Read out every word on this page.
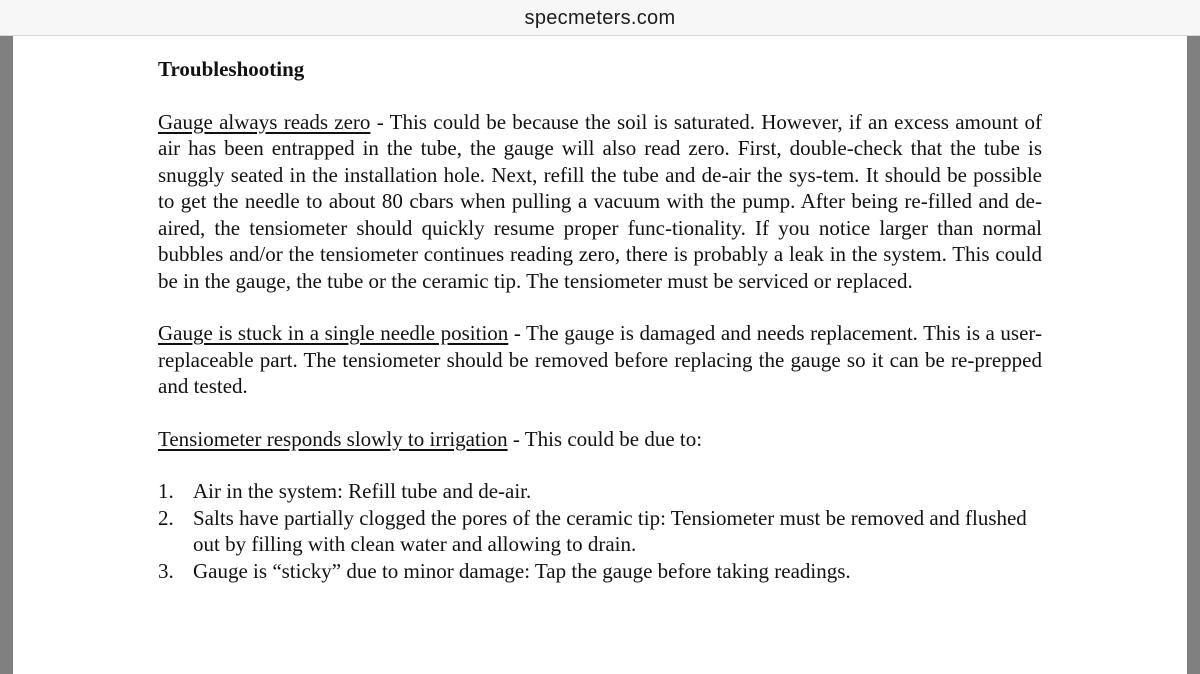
specmeters.com
Troubleshooting

Gauge always reads zero - This could be because the soil is saturated. However, if an excess amount of air has been entrapped in the tube, the gauge will also read zero. First, double-check that the tube is snuggly seated in the installation hole. Next, refill the tube and de-air the sys-tem. It should be possible to get the needle to about 80 cbars when pulling a vacuum with the pump. After being re-filled and de-aired, the tensiometer should quickly resume proper func-tionality. If you notice larger than normal bubbles and/or the tensiometer continues reading zero, there is probably a leak in the system. This could be in the gauge, the tube or the ceramic tip. The tensiometer must be serviced or replaced.

Gauge is stuck in a single needle position - The gauge is damaged and needs replacement. This is a user-replaceable part. The tensiometer should be removed before replacing the gauge so it can be re-prepped and tested.

Tensiometer responds slowly to irrigation - This could be due to:

1. Air in the system: Refill tube and de-air.
2. Salts have partially clogged the pores of the ceramic tip: Tensiometer must be removed and flushed out by filling with clean water and allowing to drain.
3. Gauge is “sticky” due to minor damage: Tap the gauge before taking readings.
